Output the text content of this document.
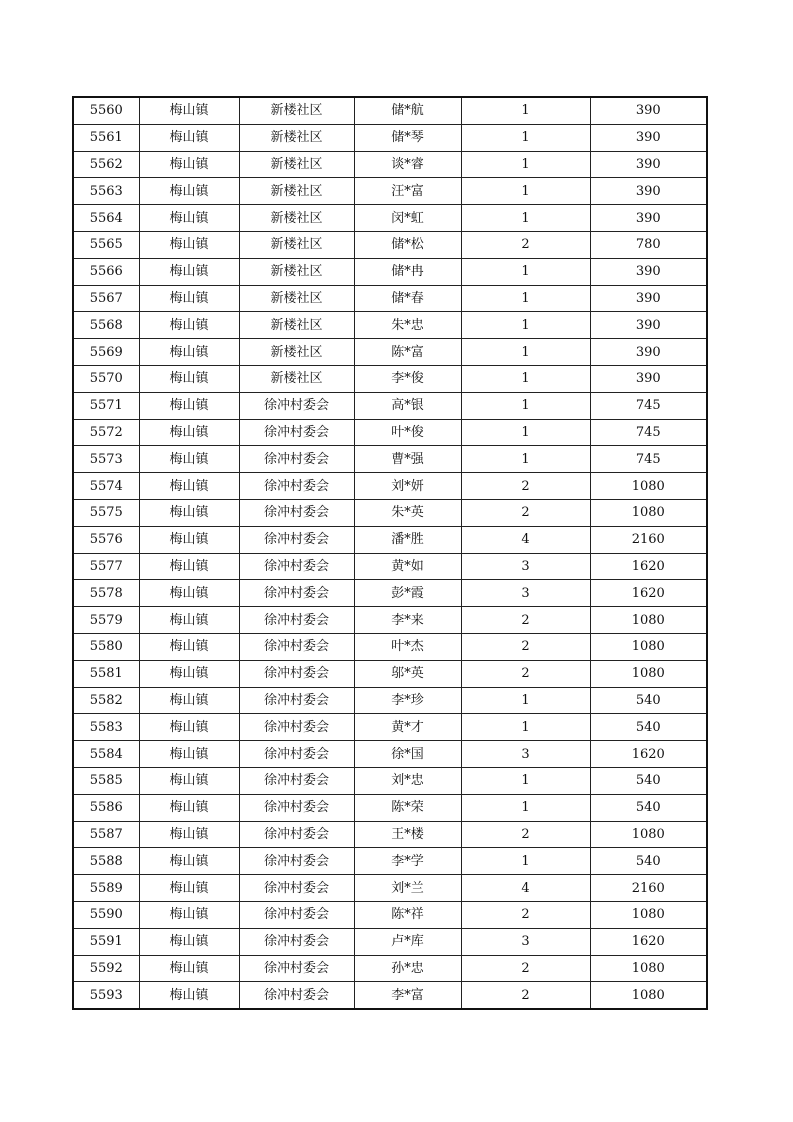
5560	梅山镇	新楼社区	储*航	1	390
5561	梅山镇	新楼社区	储*琴	1	390
5562	梅山镇	新楼社区	谈*睿	1	390
5563	梅山镇	新楼社区	汪*富	1	390
5564	梅山镇	新楼社区	闵*虹	1	390
5565	梅山镇	新楼社区	储*松	2	780
5566	梅山镇	新楼社区	储*冉	1	390
5567	梅山镇	新楼社区	储*春	1	390
5568	梅山镇	新楼社区	朱*忠	1	390
5569	梅山镇	新楼社区	陈*富	1	390
5570	梅山镇	新楼社区	李*俊	1	390
5571	梅山镇	徐冲村委会	高*银	1	745
5572	梅山镇	徐冲村委会	叶*俊	1	745
5573	梅山镇	徐冲村委会	曹*强	1	745
5574	梅山镇	徐冲村委会	刘*妍	2	1080
5575	梅山镇	徐冲村委会	朱*英	2	1080
5576	梅山镇	徐冲村委会	潘*胜	4	2160
5577	梅山镇	徐冲村委会	黄*如	3	1620
5578	梅山镇	徐冲村委会	彭*霞	3	1620
5579	梅山镇	徐冲村委会	李*来	2	1080
5580	梅山镇	徐冲村委会	叶*杰	2	1080
5581	梅山镇	徐冲村委会	邬*英	2	1080
5582	梅山镇	徐冲村委会	李*珍	1	540
5583	梅山镇	徐冲村委会	黄*才	1	540
5584	梅山镇	徐冲村委会	徐*国	3	1620
5585	梅山镇	徐冲村委会	刘*忠	1	540
5586	梅山镇	徐冲村委会	陈*荣	1	540
5587	梅山镇	徐冲村委会	王*楼	2	1080
5588	梅山镇	徐冲村委会	李*学	1	540
5589	梅山镇	徐冲村委会	刘*兰	4	2160
5590	梅山镇	徐冲村委会	陈*祥	2	1080
5591	梅山镇	徐冲村委会	卢*库	3	1620
5592	梅山镇	徐冲村委会	孙*忠	2	1080
5593	梅山镇	徐冲村委会	李*富	2	1080
